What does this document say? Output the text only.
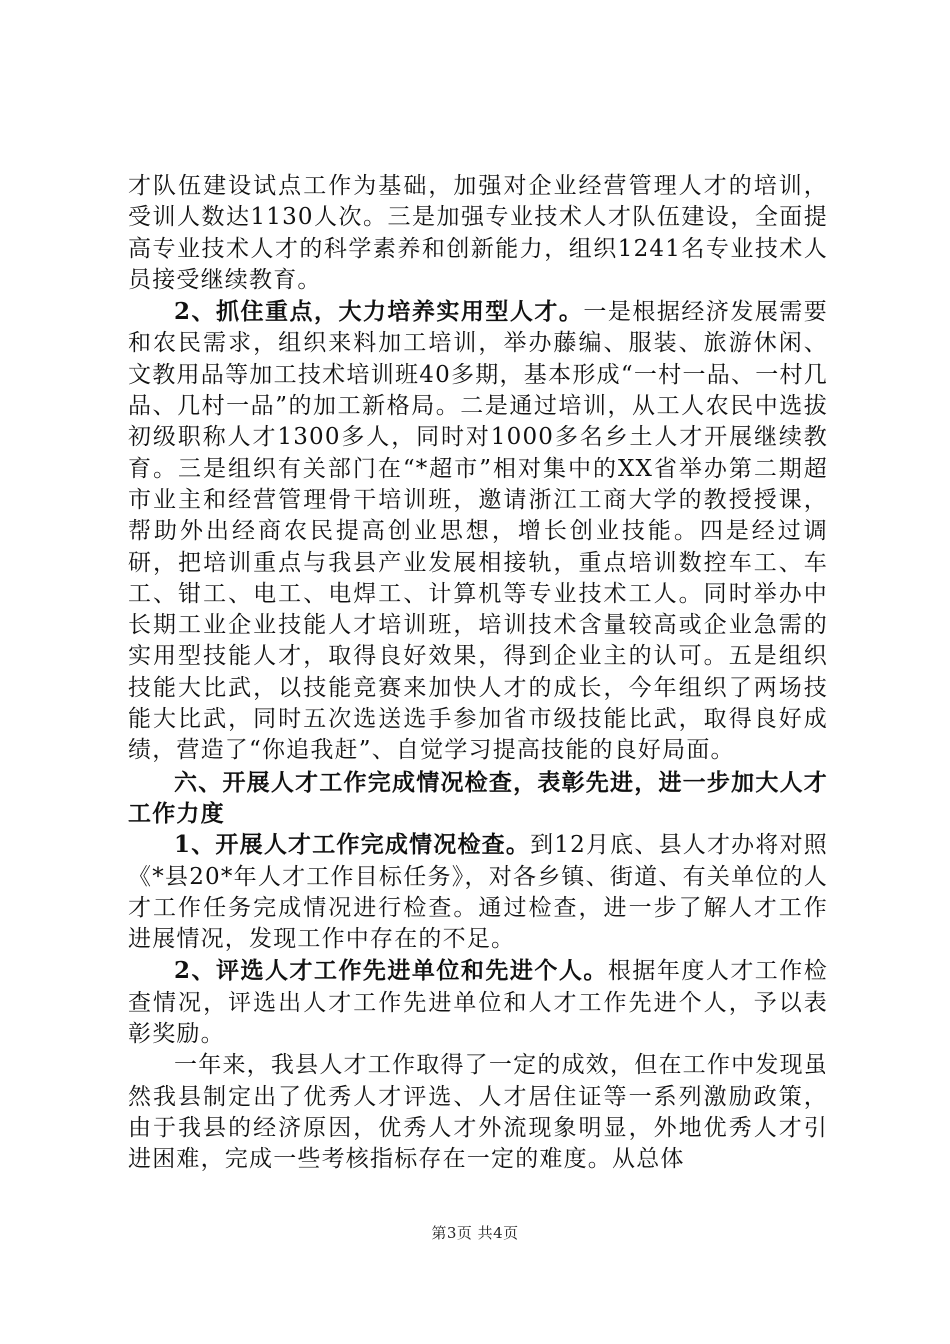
才队伍建设试点工作为基础，加强对企业经营管理人才的培训，受训人数达1130人次。三是加强专业技术人才队伍建设，全面提高专业技术人才的科学素养和创新能力，组织1241名专业技术人员接受继续教育。

2、抓住重点，大力培养实用型人才。一是根据经济发展需要和农民需求，组织来料加工培训，举办藤编、服装、旅游休闲、文教用品等加工技术培训班40多期，基本形成“一村一品、一村几品、几村一品”的加工新格局。二是通过培训，从工人农民中选拔初级职称人才1300多人，同时对1000多名乡土人才开展继续教育。三是组织有关部门在“*超市”相对集中的XX省举办第二期超市业主和经营管理骨干培训班，邀请浙江工商大学的教授授课，帮助外出经商农民提高创业思想，增长创业技能。四是经过调研，把培训重点与我县产业发展相接轨，重点培训数控车工、车工、钳工、电工、电焊工、计算机等专业技术工人。同时举办中长期工业企业技能人才培训班，培训技术含量较高或企业急需的实用型技能人才，取得良好效果，得到企业主的认可。五是组织技能大比武，以技能竞赛来加快人才的成长，今年组织了两场技能大比武，同时五次选送选手参加省市级技能比武，取得良好成绩，营造了“你追我赶”、自觉学习提高技能的良好局面。

六、开展人才工作完成情况检查，表彰先进，进一步加大人才工作力度

1、开展人才工作完成情况检查。到12月底、县人才办将对照《*县20*年人才工作目标任务》，对各乡镇、街道、有关单位的人才工作任务完成情况进行检查。通过检查，进一步了解人才工作进展情况，发现工作中存在的不足。

2、评选人才工作先进单位和先进个人。根据年度人才工作检查情况，评选出人才工作先进单位和人才工作先进个人，予以表彰奖励。

一年来，我县人才工作取得了一定的成效，但在工作中发现虽然我县制定出了优秀人才评选、人才居住证等一系列激励政策，由于我县的经济原因，优秀人才外流现象明显，外地优秀人才引进困难，完成一些考核指标存在一定的难度。从总体

第3页 共4页
